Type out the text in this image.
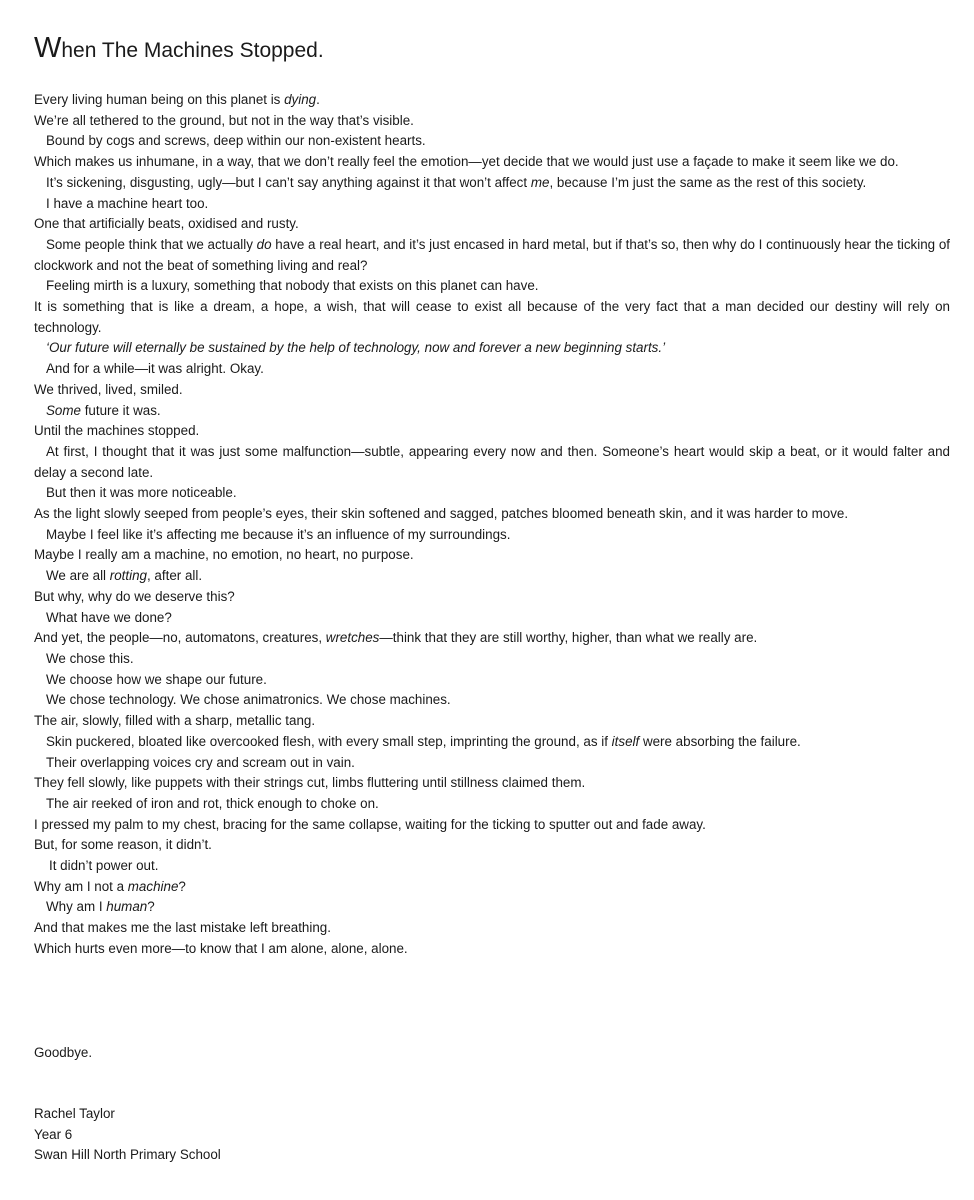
When The Machines Stopped.

Every living human being on this planet is dying.

We’re all tethered to the ground, but not in the way that’s visible.

Bound by cogs and screws, deep within our non-existent hearts.

Which makes us inhumane, in a way, that we don’t really feel the emotion—yet decide that we would just use a façade to make it seem like we do.

It’s sickening, disgusting, ugly—but I can’t say anything against it that won’t affect me, because I’m just the same as the rest of this society.

I have a machine heart too.

One that artificially beats, oxidised and rusty.

Some people think that we actually do have a real heart, and it’s just encased in hard metal, but if that’s so, then why do I continuously hear the ticking of clockwork and not the beat of something living and real?

Feeling mirth is a luxury, something that nobody that exists on this planet can have.

It is something that is like a dream, a hope, a wish, that will cease to exist all because of the very fact that a man decided our destiny will rely on technology.

‘Our future will eternally be sustained by the help of technology, now and forever a new beginning starts.’

And for a while—it was alright. Okay.

We thrived, lived, smiled.

Some future it was.

Until the machines stopped.

At first, I thought that it was just some malfunction—subtle, appearing every now and then. Someone’s heart would skip a beat, or it would falter and delay a second late.

But then it was more noticeable.

As the light slowly seeped from people’s eyes, their skin softened and sagged, patches bloomed beneath skin, and it was harder to move.

Maybe I feel like it’s affecting me because it’s an influence of my surroundings.

Maybe I really am a machine, no emotion, no heart, no purpose.

We are all rotting, after all.

But why, why do we deserve this?

What have we done?

And yet, the people—no, automatons, creatures, wretches—think that they are still worthy, higher, than what we really are.

We chose this.

We choose how we shape our future.

We chose technology. We chose animatronics. We chose machines.

The air, slowly, filled with a sharp, metallic tang.

Skin puckered, bloated like overcooked flesh, with every small step, imprinting the ground, as if itself were absorbing the failure.

Their overlapping voices cry and scream out in vain.

They fell slowly, like puppets with their strings cut, limbs fluttering until stillness claimed them.

The air reeked of iron and rot, thick enough to choke on.

I pressed my palm to my chest, bracing for the same collapse, waiting for the ticking to sputter out and fade away.

But, for some reason, it didn’t.

It didn’t power out.

Why am I not a machine?

Why am I human?

And that makes me the last mistake left breathing.

Which hurts even more—to know that I am alone, alone, alone.

Goodbye.
Rachel Taylor
Year 6
Swan Hill North Primary School
